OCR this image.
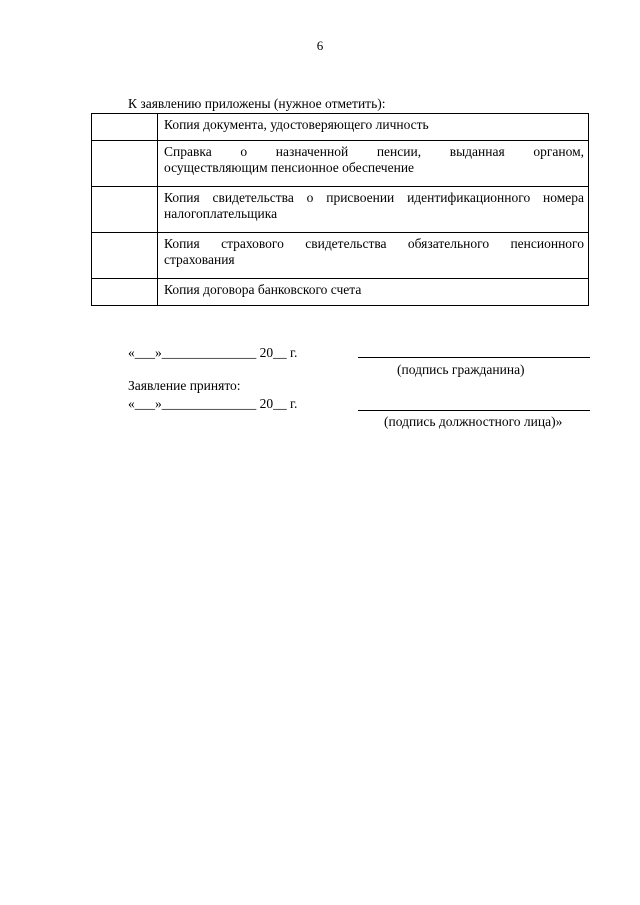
6
К заявлению приложены (нужное отметить):

	Копия документа, удостоверяющего личность

	Справка о назначенной пенсии, выданная органом,
осуществляющим пенсионное обеспечение

	Копия свидетельства о присвоении идентификационного номера
налогоплательщика

	Копия страхового свидетельства обязательного пенсионного
страхования

	Копия договора банковского счета
«___»______________ 20__ г.
(подпись гражданина)
Заявление принято:
«___»______________ 20__ г.
(подпись должностного лица)»
